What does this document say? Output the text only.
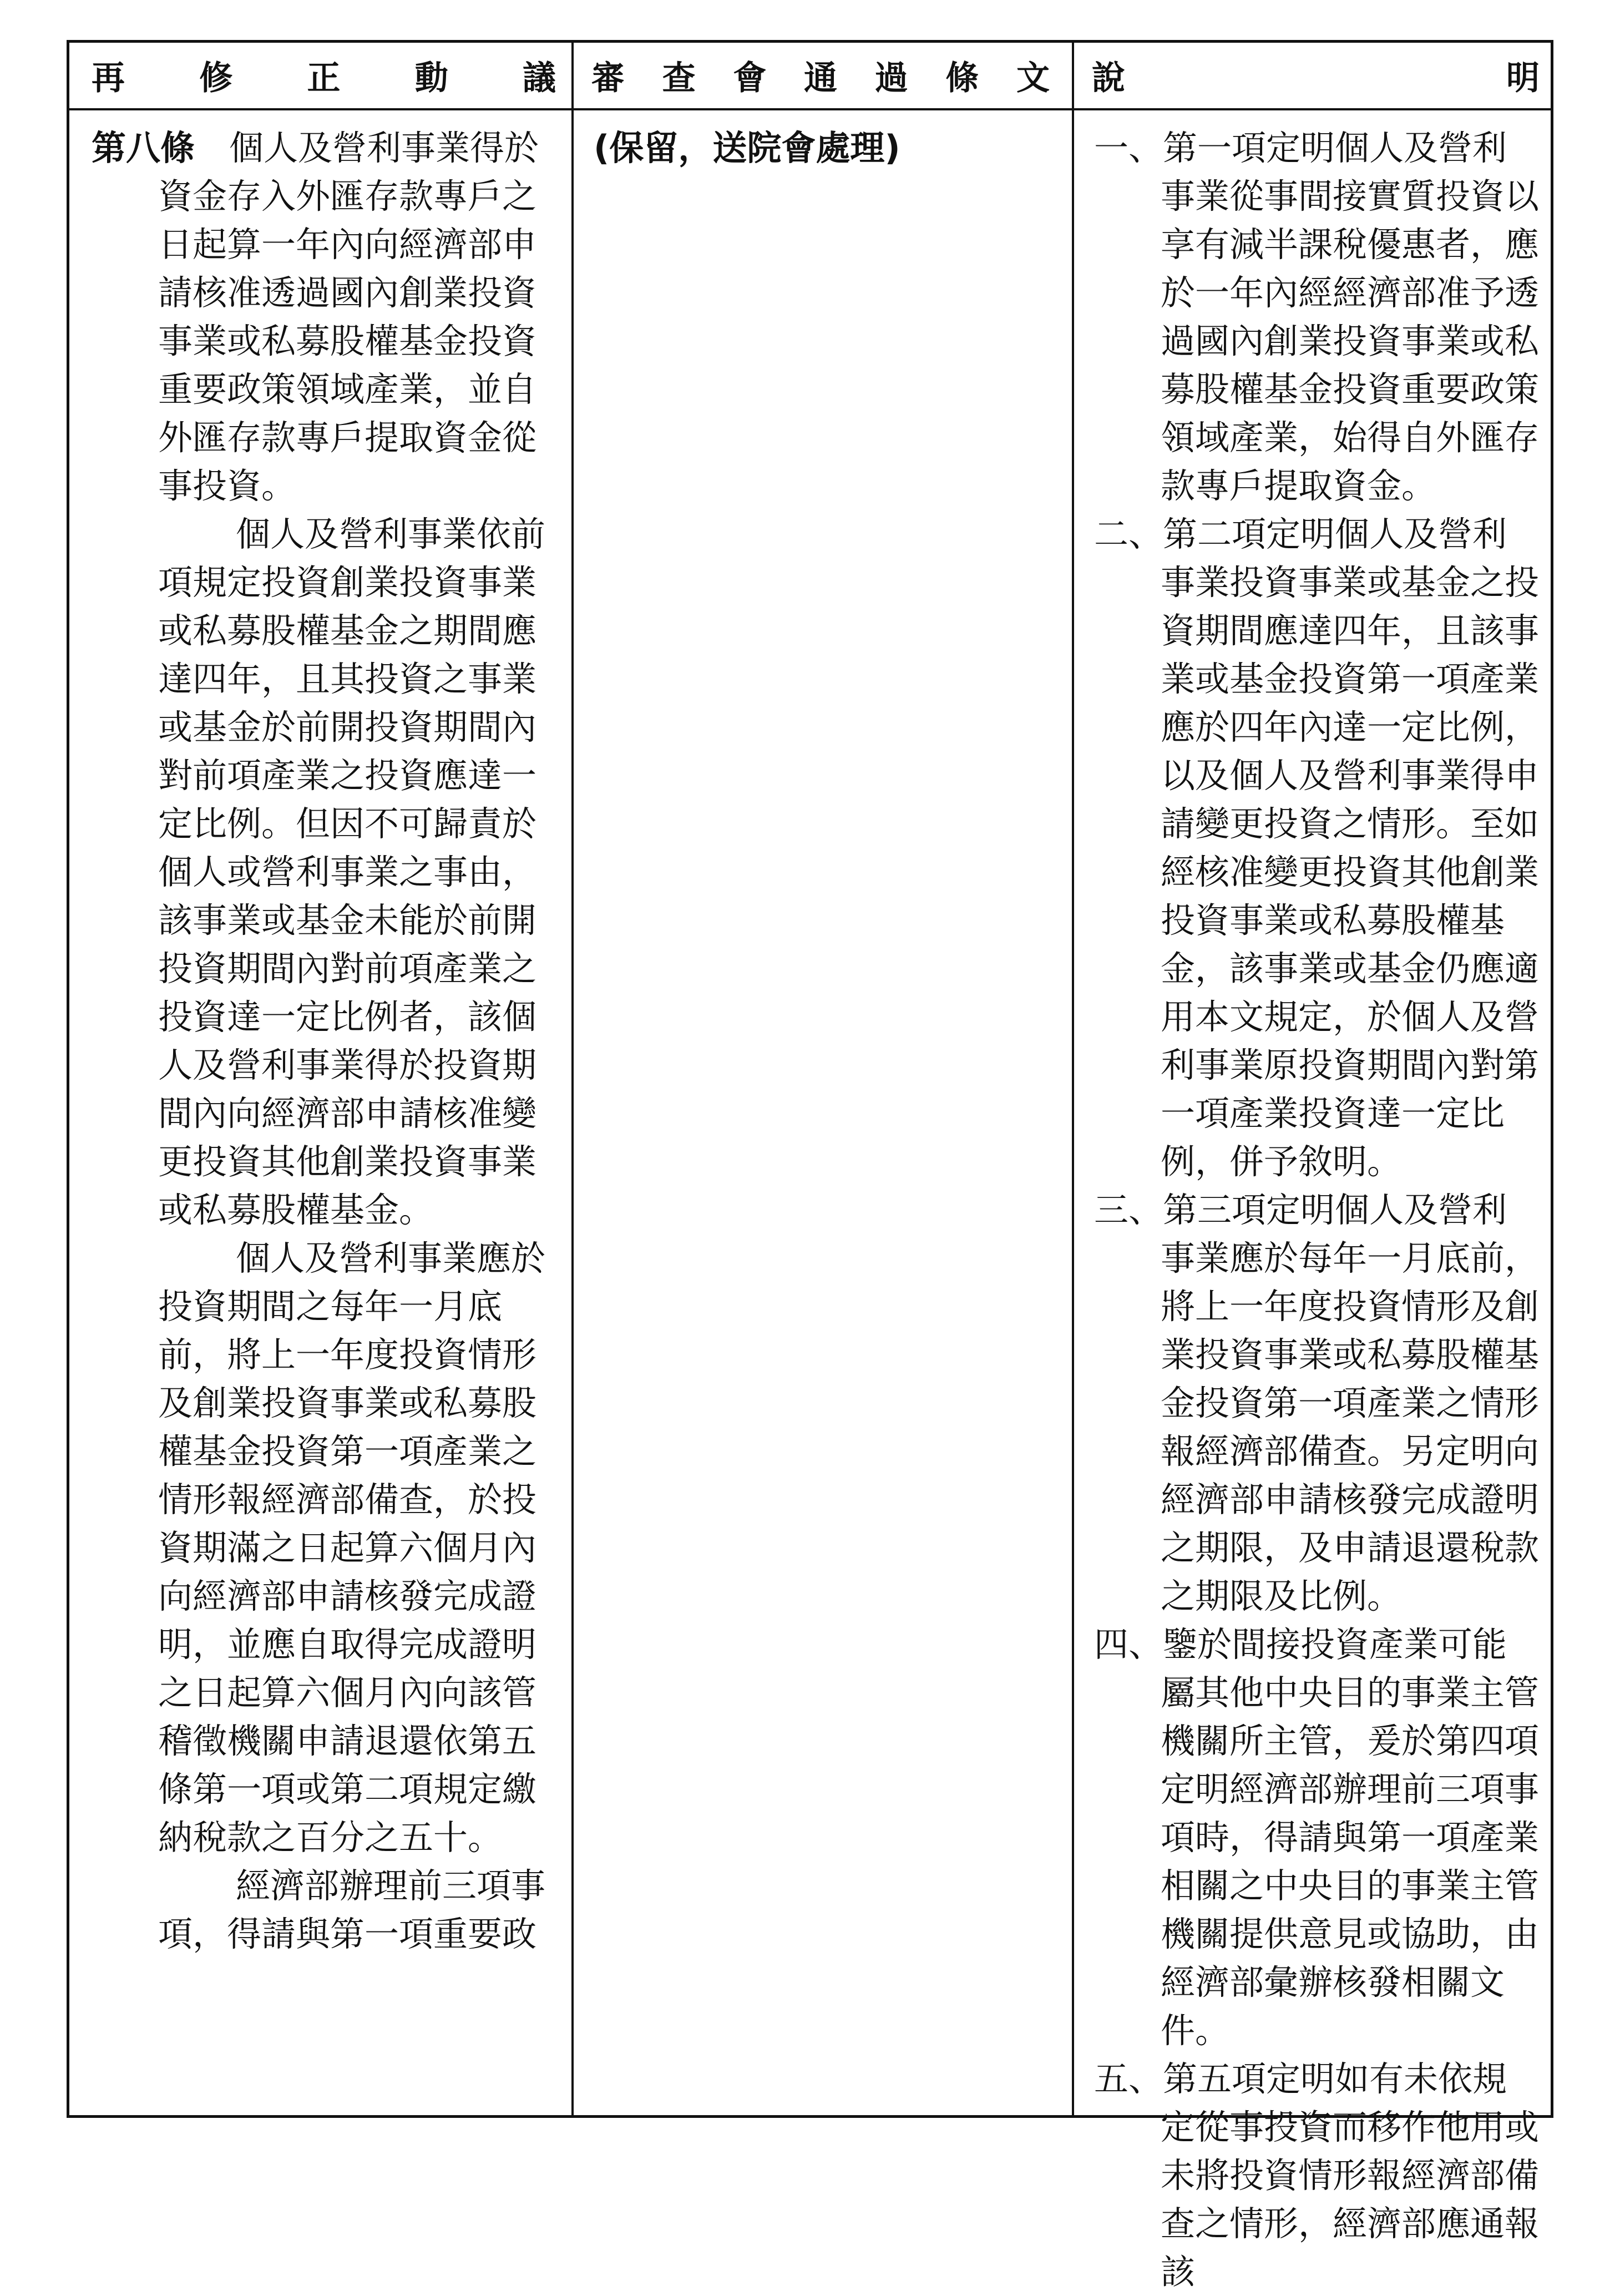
再 修 正 動 議 審 查 會 通 過 條 文 說	明

第八條　 個人及營利事業得於資金存入外匯存款專戶之日起算一年內向經濟部申請核准透過國內創業投資事業或私募股權基金投資重要政策領域產業，並自外匯存款專戶提取資金從事投資。

個人及營利事業依前項規定投資創業投資事業或私募股權基金之期間應達四年，且其投資之事業或基金於前開投資期間內對前項產業之投資應達一定比例。但因不可歸責於個人或營利事業之事由，該事業或基金未能於前開投資期間內對前項產業之投資達一定比例者，該個人及營利事業得於投資期間內向經濟部申請核准變更投資其他創業投資事業或私募股權基金。

個人及營利事業應於投資期間之每年一月底前，將上一年度投資情形及創業投資事業或私募股權基金投資第一項產業之情形報經濟部備查，於投資期滿之日起算六個月內向經濟部申請核發完成證明，並應自取得完成證明之日起算六個月內向該管稽徵機關申請退還依第五條第一項或第二項規定繳納稅款之百分之五十。

經濟部辦理前三項事項，得請與第一項重要政

(保留，送院會處理)	一、第一項定明個人及營利事業從事間接實質投資以享有減半課稅優惠者，應於一年內經經濟部准予透過國內創業投資事業或私募股權基金投資重要政策領域產業，始得自外匯存款專戶提取資金。

二、第二項定明個人及營利事業投資事業或基金之投資期間應達四年，且該事業或基金投資第一項產業應於四年內達一定比例，以及個人及營利事業得申請變更投資之情形。至如經核准變更投資其他創業投資事業或私募股權基金，該事業或基金仍應適用本文規定，於個人及營利事業原投資期間內對第一項產業投資達一定比例，併予敘明。

三、第三項定明個人及營利事業應於每年一月底前，將上一年度投資情形及創業投資事業或私募股權基金投資第一項產業之情形報經濟部備查。另定明向經濟部申請核發完成證明之期限，及申請退還稅款之期限及比例。

四、鑒於間接投資產業可能屬其他中央目的事業主管機關所主管，爰於第四項定明經濟部辦理前三項事項時，得請與第一項產業相關之中央目的事業主管機關提供意見或協助，由經濟部彙辦核發相關文件。

五、第五項定明如有未依規定從事投資而移作他用或未將投資情形報經濟部備查之情形，經濟部應通報該
